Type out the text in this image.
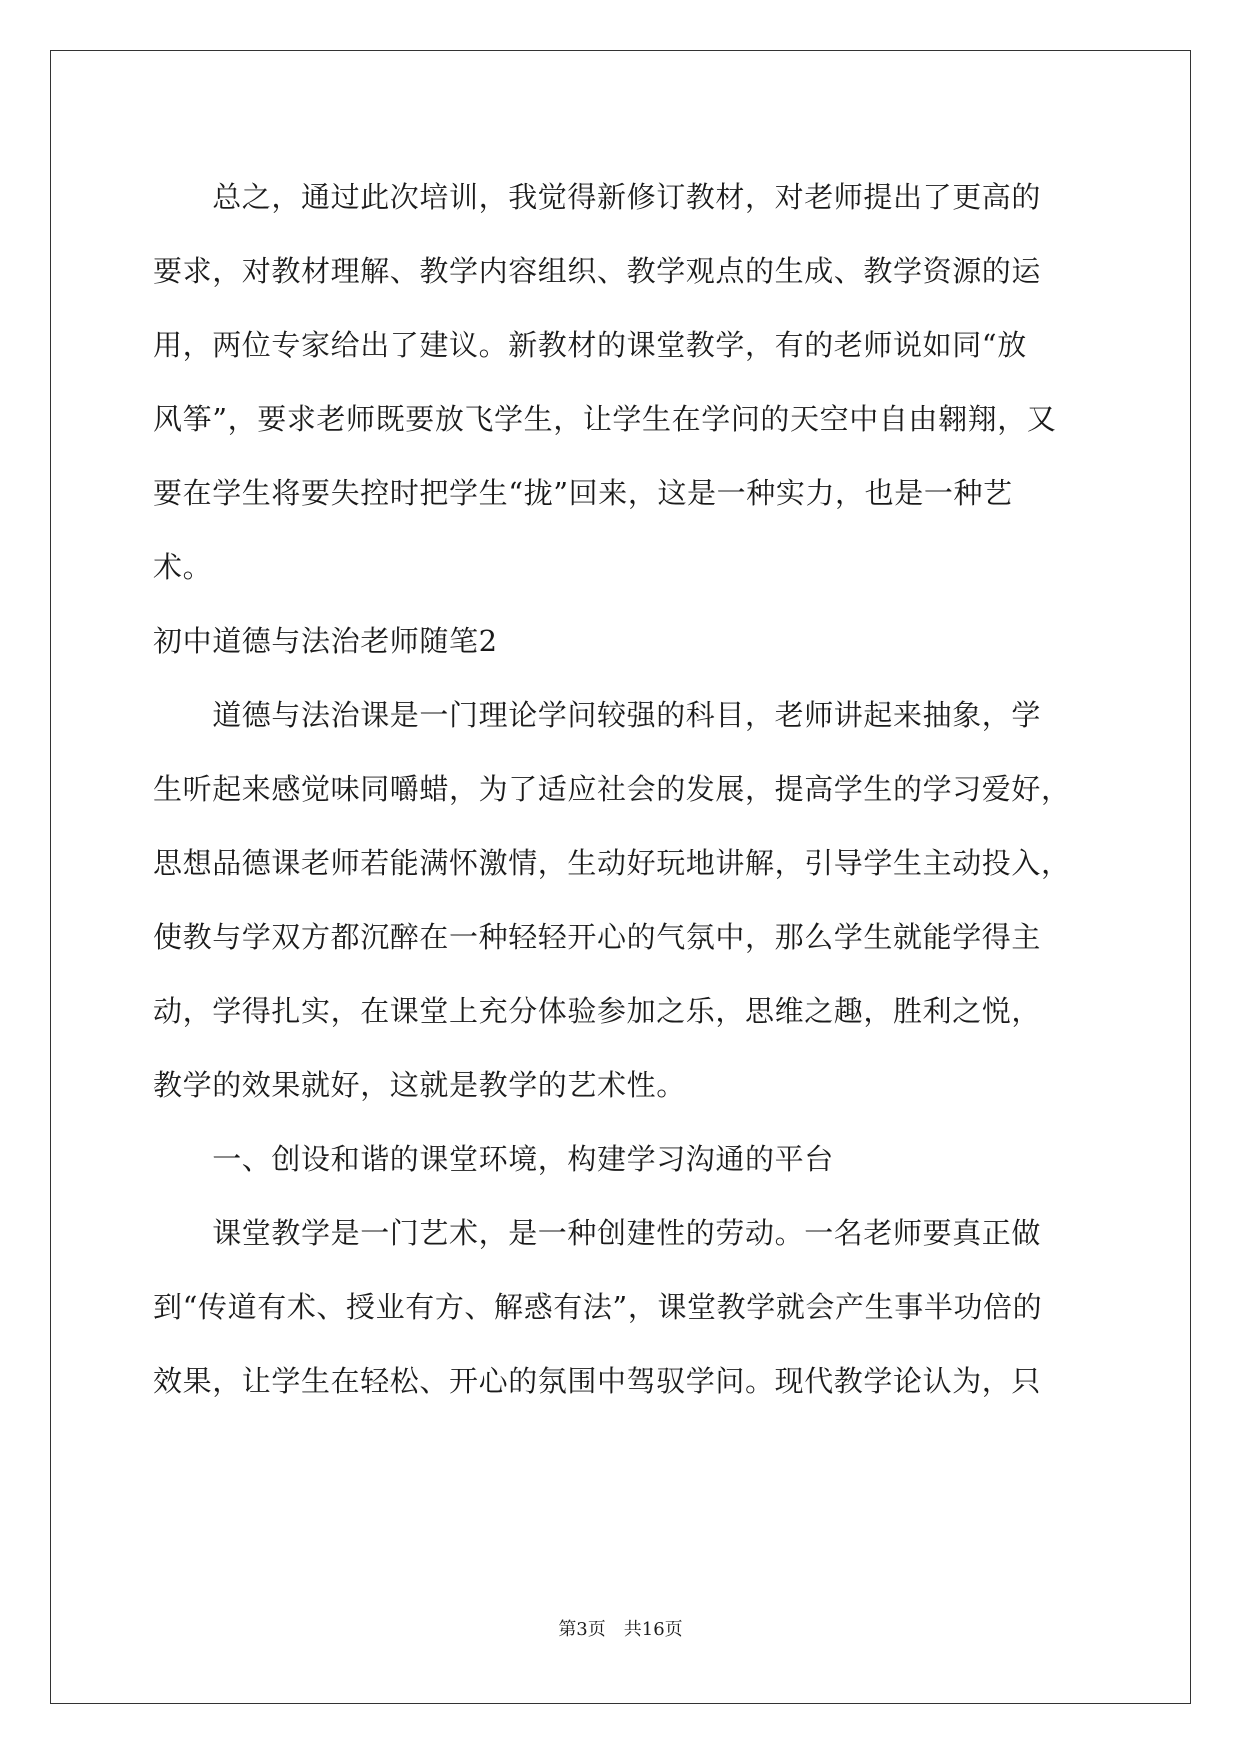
　　总之，通过此次培训，我觉得新修订教材，对老师提出了更高的
要求，对教材理解、教学内容组织、教学观点的生成、教学资源的运
用，两位专家给出了建议。新教材的课堂教学，有的老师说如同“放
风筝”，要求老师既要放飞学生，让学生在学问的天空中自由翱翔，又
要在学生将要失控时把学生“拢”回来，这是一种实力，也是一种艺
术。
初中道德与法治老师随笔2
　　道德与法治课是一门理论学问较强的科目，老师讲起来抽象，学
生听起来感觉味同嚼蜡，为了适应社会的发展，提高学生的学习爱好，
思想品德课老师若能满怀激情，生动好玩地讲解，引导学生主动投入，
使教与学双方都沉醉在一种轻轻开心的气氛中，那么学生就能学得主
动，学得扎实，在课堂上充分体验参加之乐，思维之趣，胜利之悦，
教学的效果就好，这就是教学的艺术性。
　　一、创设和谐的课堂环境，构建学习沟通的平台
　　课堂教学是一门艺术，是一种创建性的劳动。一名老师要真正做
到“传道有术、授业有方、解惑有法”，课堂教学就会产生事半功倍的
效果，让学生在轻松、开心的氛围中驾驭学问。现代教学论认为，只
第3页　共16页
